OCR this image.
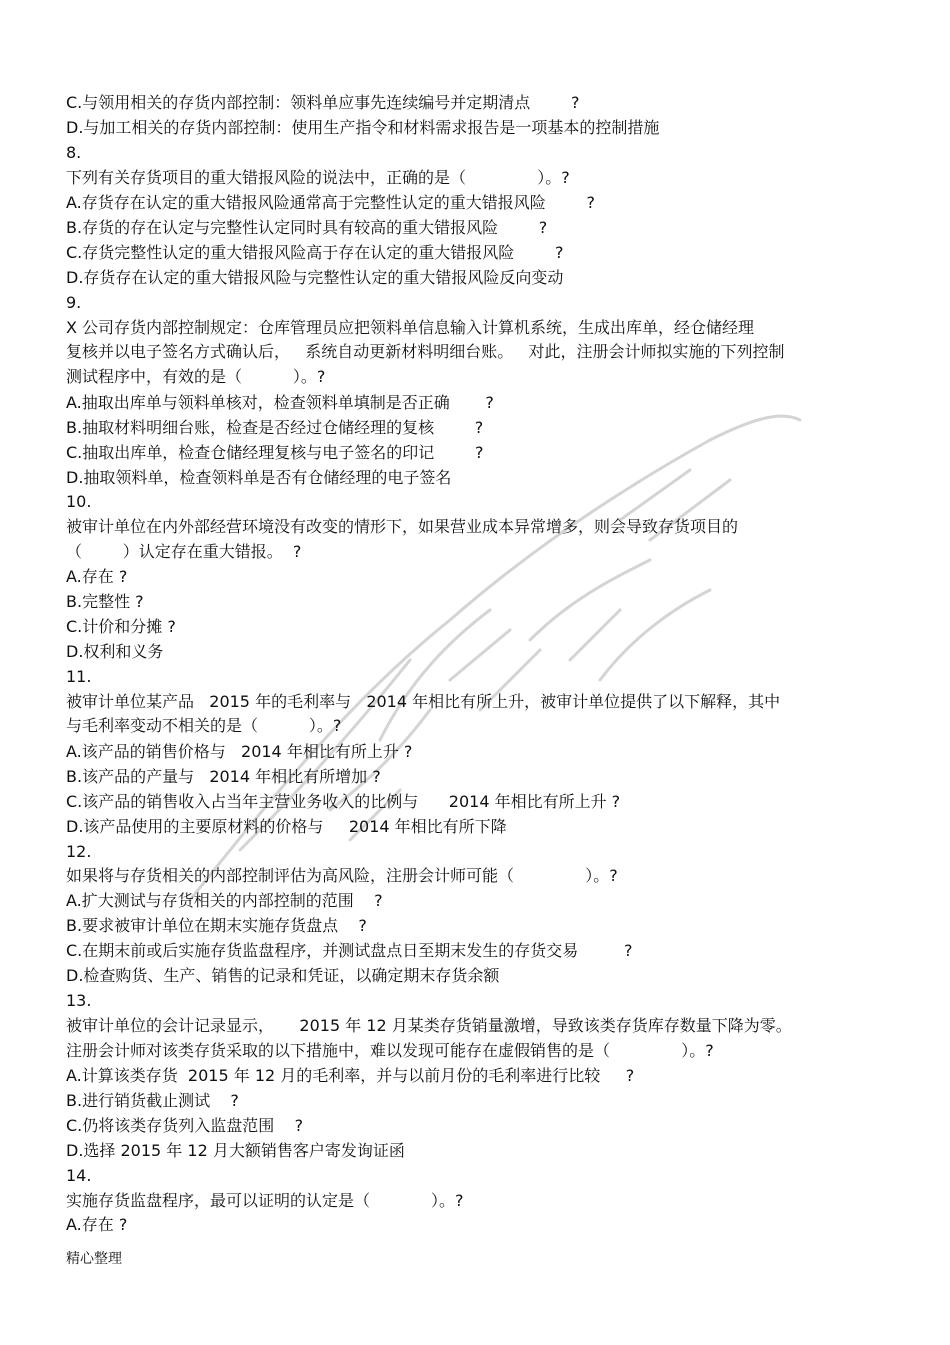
C.与领用相关的存货内部控制：领料单应事先连续编号并定期清点        ?
D.与加工相关的存货内部控制：使用生产指令和材料需求报告是一项基本的控制措施
8.
下列有关存货项目的重大错报风险的说法中，正确的是（              ）。?
A.存货存在认定的重大错报风险通常高于完整性认定的重大错报风险        ?
B.存货的存在认定与完整性认定同时具有较高的重大错报风险        ?
C.存货完整性认定的重大错报风险高于存在认定的重大错报风险        ?
D.存货存在认定的重大错报风险与完整性认定的重大错报风险反向变动
9.
X 公司存货内部控制规定：仓库管理员应把领料单信息输入计算机系统，生成出库单，经仓储经理
复核并以电子签名方式确认后，   系统自动更新材料明细台账。   对此，注册会计师拟实施的下列控制
测试程序中，有效的是（          ）。?
A.抽取出库单与领料单核对，检查领料单填制是否正确       ?
B.抽取材料明细台账，检查是否经过仓储经理的复核        ?
C.抽取出库单，检查仓储经理复核与电子签名的印记        ?
D.抽取领料单，检查领料单是否有仓储经理的电子签名
10.
被审计单位在内外部经营环境没有改变的情形下，如果营业成本异常增多，则会导致存货项目的
（        ）认定存在重大错报。  ?
A.存在 ?
B.完整性 ?
C.计价和分摊 ?
D.权利和义务
11.
被审计单位某产品   2015 年的毛利率与   2014 年相比有所上升，被审计单位提供了以下解释，其中
与毛利率变动不相关的是（          ）。?
A.该产品的销售价格与   2014 年相比有所上升 ?
B.该产品的产量与   2014 年相比有所增加 ?
C.该产品的销售收入占当年主营业务收入的比例与      2014 年相比有所上升 ?
D.该产品使用的主要原材料的价格与     2014 年相比有所下降
12.
如果将与存货相关的内部控制评估为高风险，注册会计师可能（              ）。?
A.扩大测试与存货相关的内部控制的范围    ?
B.要求被审计单位在期末实施存货盘点    ?
C.在期末前或后实施存货监盘程序，并测试盘点日至期末发生的存货交易         ?
D.检查购货、生产、销售的记录和凭证，以确定期末存货余额
13.
被审计单位的会计记录显示，     2015 年 12 月某类存货销量激增，导致该类存货库存数量下降为零。
注册会计师对该类存货采取的以下措施中，难以发现可能存在虚假销售的是（              ）。?
A.计算该类存货  2015 年 12 月的毛利率，并与以前月份的毛利率进行比较     ?
B.进行销货截止测试    ?
C.仍将该类存货列入监盘范围    ?
D.选择 2015 年 12 月大额销售客户寄发询证函
14.
实施存货监盘程序，最可以证明的认定是（            ）。?
A.存在 ?
精心整理
